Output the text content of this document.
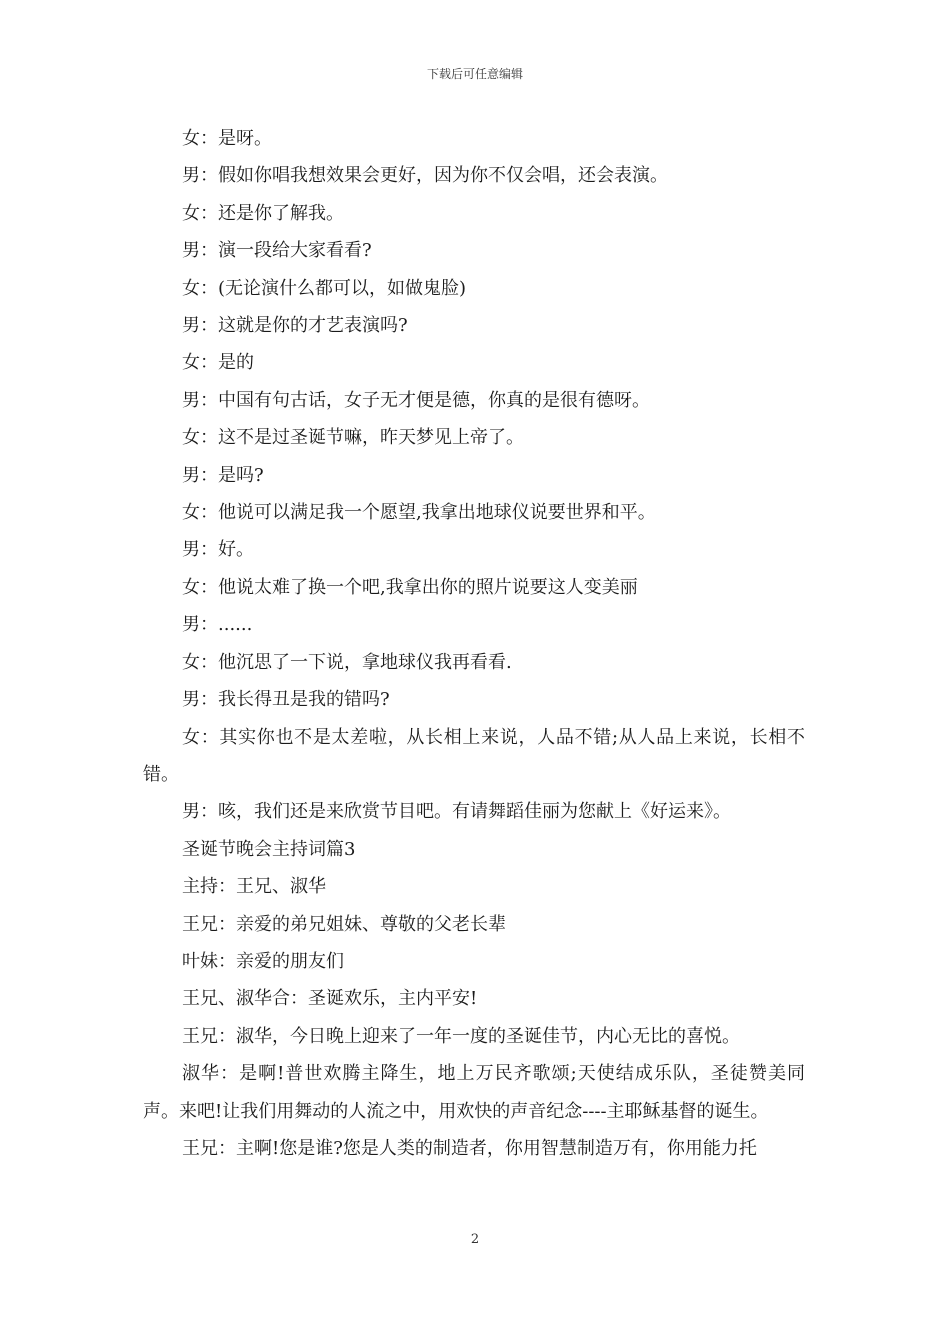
下载后可任意编辑

女：是呀。

男：假如你唱我想效果会更好，因为你不仅会唱，还会表演。

女：还是你了解我。

男：演一段给大家看看?

女：(无论演什么都可以，如做鬼脸)

男：这就是你的才艺表演吗?

女：是的

男：中国有句古话，女子无才便是德，你真的是很有德呀。

女：这不是过圣诞节嘛，昨天梦见上帝了。

男：是吗?

女：他说可以满足我一个愿望,我拿出地球仪说要世界和平。

男：好。

女：他说太难了换一个吧,我拿出你的照片说要这人变美丽

男：......

女：他沉思了一下说，拿地球仪我再看看.

男：我长得丑是我的错吗?

女：其实你也不是太差啦，从长相上来说，人品不错;从人品上来说，长相不错。

男：咳，我们还是来欣赏节目吧。有请舞蹈佳丽为您献上《好运来》。

圣诞节晚会主持词篇3

主持：王兄、淑华

王兄：亲爱的弟兄姐妹、尊敬的父老长辈

叶妹：亲爱的朋友们

王兄、淑华合：圣诞欢乐，主内平安!

王兄：淑华，今日晚上迎来了一年一度的圣诞佳节，内心无比的喜悦。

淑华：是啊!普世欢腾主降生，地上万民齐歌颂;天使结成乐队，圣徒赞美同声。来吧!让我们用舞动的人流之中，用欢快的声音纪念----主耶稣基督的诞生。

王兄：主啊!您是谁?您是人类的制造者，你用智慧制造万有，你用能力托

2
